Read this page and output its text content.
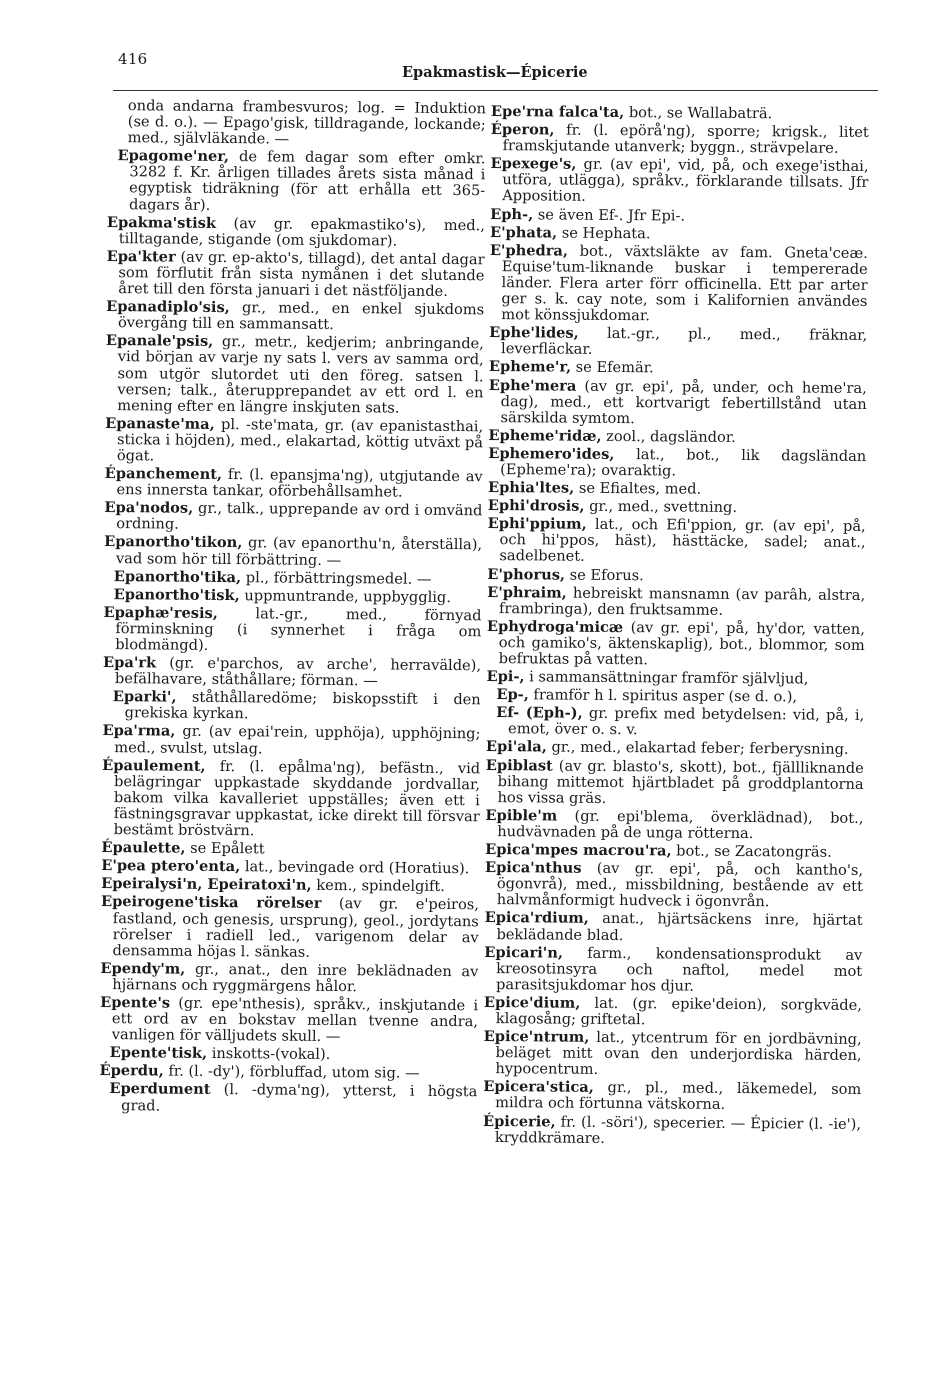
416
Epakmastisk—Épicerie

onda andarna frambesvuros; log. = Induktion (se d. o.). — Epago'gisk, tilldragande, lockande; med., självläkande. —

Epagome'ner, de fem dagar som efter omkr. 3282 f. Kr. årligen tillades årets sista månad i egyptisk tidräkning (för att erhålla ett 365-dagars år).

Epakma'stisk (av gr. epakmastiko's), med., tilltagande, stigande (om sjukdomar).

Epa'kter (av gr. ep-akto's, tillagd), det antal dagar som förflutit från sista nymånen i det slutande året till den första januari i det nästföljande.

Epanadiplo'sis, gr., med., en enkel sjukdoms övergång till en sammansatt.

Epanale'psis, gr., metr., kedjerim; anbringande, vid början av varje ny sats l. vers av samma ord, som utgör slutordet uti den föreg. satsen l. versen; talk., återupprepandet av ett ord l. en mening efter en längre inskjuten sats.

Epanaste'ma, pl. -ste'mata, gr. (av epanistasthai, sticka i höjden), med., elakartad, köttig utväxt på ögat.

Épanchement, fr. (l. epansjma'ng), utgjutande av ens innersta tankar, oförbehållsamhet.

Epa'nodos, gr., talk., upprepande av ord i omvänd ordning.

Epanortho'tikon, gr. (av epanorthu'n, återställa), vad som hör till förbättring. —

Epanortho'tika, pl., förbättringsmedel. —

Epanortho'tisk, uppmuntrande, uppbygglig.

Epaphæ'resis, lat.-gr., med., förnyad förminskning (i synnerhet i fråga om blodmängd).

Epa'rk (gr. e'parchos, av arche', herravälde), befälhavare, ståthållare; förman. —

Eparki', ståthållaredöme; biskopsstift i den grekiska kyrkan.

Epa'rma, gr. (av epai'rein, upphöja), upphöjning; med., svulst, utslag.

Épaulement, fr. (l. epålma'ng), befästn., vid belägringar uppkastade skyddande jordvallar, bakom vilka kavalleriet uppställes; även ett i fästningsgravar uppkastat, icke direkt till försvar bestämt bröstvärn.

Épaulette, se Epålett

E'pea ptero'enta, lat., bevingade ord (Horatius).

Epeiralysi'n, Epeiratoxi'n, kem., spindelgift.

Epeirogene'tiska rörelser (av gr. e'peiros, fastland, och genesis, ursprung), geol., jordytans rörelser i radiell led., varigenom delar av densamma höjas l. sänkas.

Ependy'm, gr., anat., den inre beklädnaden av hjärnans och ryggmärgens hålor.

Epente's (gr. epe'nthesis), språkv., inskjutande i ett ord av en bokstav mellan tvenne andra, vanligen för välljudets skull. —

Epente'tisk, inskotts-(vokal).

Éperdu, fr. (l. -dy'), förbluffad, utom sig. —

Eperdument (l. -dyma'ng), ytterst, i högsta grad.

Epe'rna falca'ta, bot., se Wallabaträ.

Éperon, fr. (l. epörå'ng), sporre; krigsk., litet framskjutande utanverk; byggn., strävpelare.

Epexege's, gr. (av epi', vid, på, och exege'isthai, utföra, utlägga), språkv., förklarande tillsats. Jfr Apposition.

Eph-, se även Ef-. Jfr Epi-.

E'phata, se Hephata.

E'phedra, bot., växtsläkte av fam. Gneta'ceæ. Equise'tum-liknande buskar i tempererade länder. Flera arter förr officinella. Ett par arter ger s. k. cay note, som i Kalifornien användes mot könssjukdomar.

Ephe'lides, lat.-gr., pl., med., fräknar, leverfläckar.

Epheme'r, se Efemär.

Ephe'mera (av gr. epi', på, under, och heme'ra, dag), med., ett kortvarigt febertillstånd utan särskilda symtom.

Epheme'ridæ, zool., dagsländor.

Ephemero'ides, lat., bot., lik dagsländan (Epheme'ra); ovaraktig.

Ephia'ltes, se Efialtes, med.

Ephi'drosis, gr., med., svettning.

Ephi'ppium, lat., och Efi'ppion, gr. (av epi', på, och hi'ppos, häst), hästtäcke, sadel; anat., sadelbenet.

E'phorus, se Eforus.

E'phraim, hebreiskt mansnamn (av parâh, alstra, frambringa), den fruktsamme.

Ephydroga'micæ (av gr. epi', på, hy'dor, vatten, och gamiko's, äktenskaplig), bot., blommor, som befruktas på vatten.

Epi-, i sammansättningar framför självljud,

Ep-, framför h l. spiritus asper (se d. o.),

Ef- (Eph-), gr. prefix med betydelsen: vid, på, i, emot, över o. s. v.

Epi'ala, gr., med., elakartad feber; ferberysning.

Epiblast (av gr. blasto's, skott), bot., fjällliknande bihang mittemot hjärtbladet på groddplantorna hos vissa gräs.

Epible'm (gr. epi'blema, överklädnad), bot., hudvävnaden på de unga rötterna.

Epica'mpes macrou'ra, bot., se Zacatongräs.

Epica'nthus (av gr. epi', på, och kantho's, ögonvrå), med., missbildning, bestående av ett halvmånformigt hudveck i ögonvrån.

Epica'rdium, anat., hjärtsäckens inre, hjärtat beklädande blad.

Epicari'n, farm., kondensationsprodukt av kreosotinsyra och naftol, medel mot parasitsjukdomar hos djur.

Epice'dium, lat. (gr. epike'deion), sorgkväde, klagosång; griftetal.

Epice'ntrum, lat., ytcentrum för en jordbävning, beläget mitt ovan den underjordiska härden, hypocentrum.

Epicera'stica, gr., pl., med., läkemedel, som mildra och förtunna vätskorna.

Épicerie, fr. (l. -söri'), specerier. — Épicier (l. -ie'), kryddkrämare.
